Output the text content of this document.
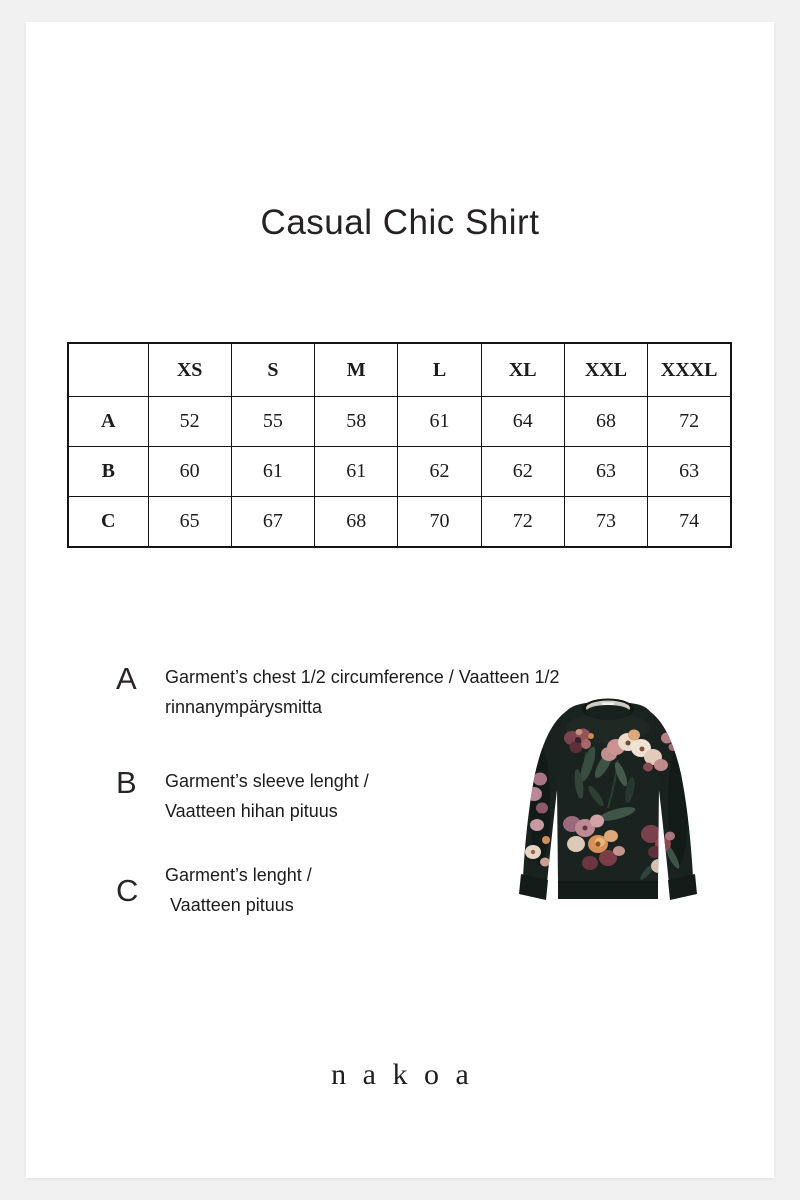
Casual Chic Shirt
	XS	S	M	L	XL	XXL	XXXL
A	52	55	58	61	64	68	72
B	60	61	61	62	62	63	63
C	65	67	68	70	72	73	74
A	Garment’s chest 1/2 circumference / Vaatteen 1/2
rinnanympärysmitta
B	Garment’s sleeve lenght /
Vaatteen hihan pituus
C	Garment’s lenght /
Vaatteen pituus
nakoa
